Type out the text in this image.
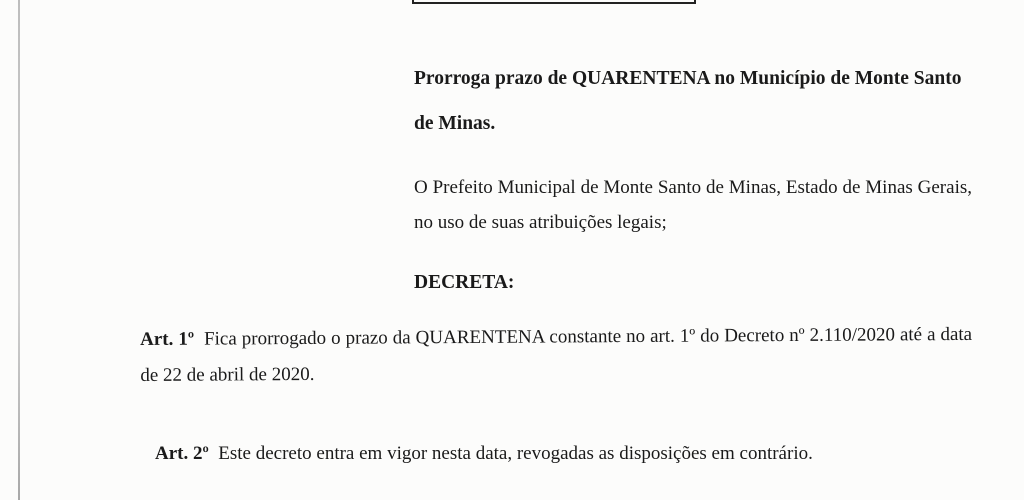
Prorroga prazo de QUARENTENA no Município de Monte Santo de Minas.
O Prefeito Municipal de Monte Santo de Minas, Estado de Minas Gerais, no uso de suas atribuições legais;
DECRETA:
Art. 1º Fica prorrogado o prazo da QUARENTENA constante no art. 1º do Decreto nº 2.110/2020 até a data de 22 de abril de 2020.
Art. 2º Este decreto entra em vigor nesta data, revogadas as disposições em contrário.
